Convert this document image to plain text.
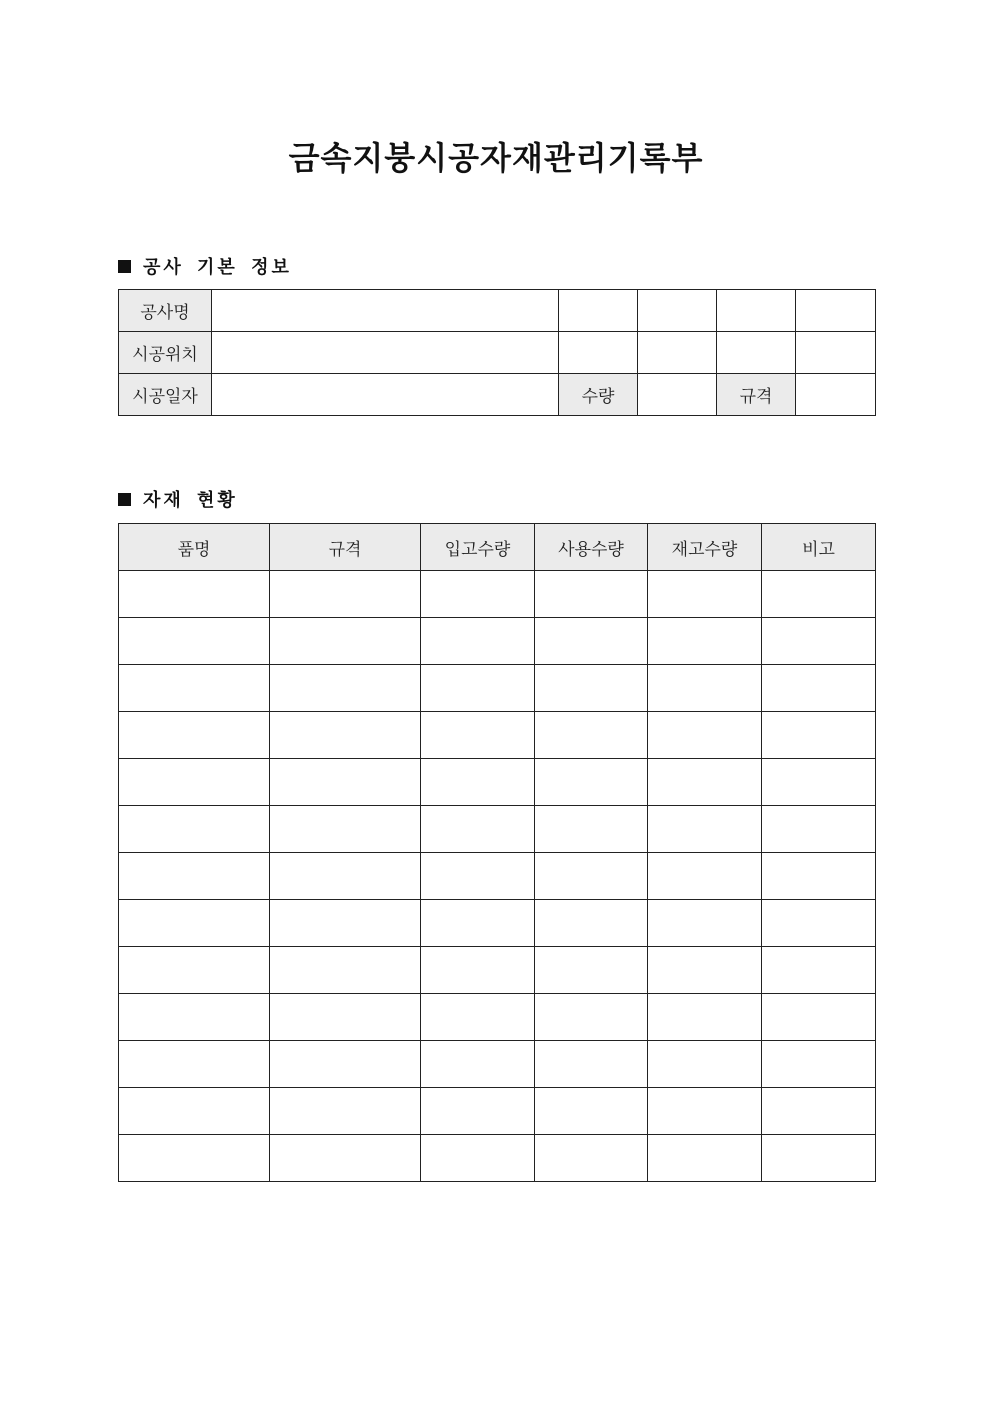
금속지붕시공자재관리기록부
공사 기본 정보
공사명					
시공위치					
시공일자		수량		규격	
자재 현황
품명	규격	입고수량	사용수량	재고수량	비고
